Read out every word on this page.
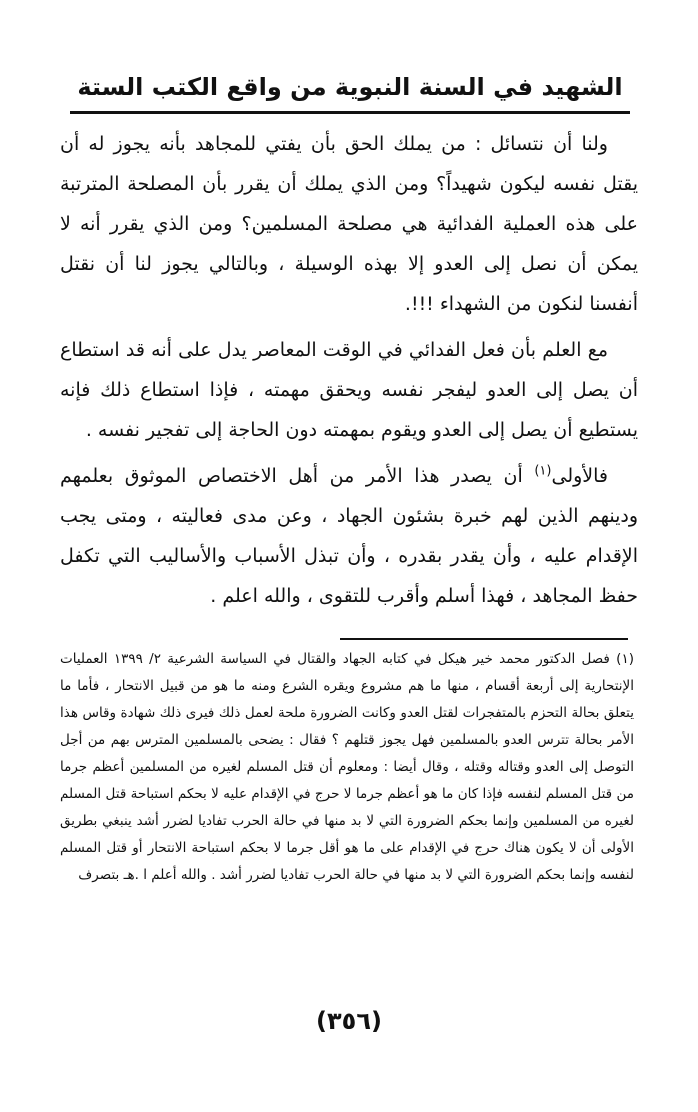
الشهيد في السنة النبوية من واقع الكتب الستة

ولنا أن نتسائل : من يملك الحق بأن يفتي للمجاهد بأنه يجوز له أن يقتل نفسه ليكون شهيداً؟ ومن الذي يملك أن يقرر بأن المصلحة المترتبة على هذه العملية الفدائية هي مصلحة المسلمين؟ ومن الذي يقرر أنه لا يمكن أن نصل إلى العدو إلا بهذه الوسيلة ، وبالتالي يجوز لنا أن نقتل أنفسنا لنكون من الشهداء !!!.

مع العلم بأن فعل الفدائي في الوقت المعاصر يدل على أنه قد استطاع أن يصل إلى العدو ليفجر نفسه ويحقق مهمته ، فإذا استطاع ذلك فإنه يستطيع أن يصل إلى العدو ويقوم بمهمته دون الحاجة إلى تفجير نفسه .

فالأولى$^{(١)}$ أن يصدر هذا الأمر من أهل الاختصاص الموثوق بعلمهم ودينهم الذين لهم خبرة بشئون الجهاد ، وعن مدى فعاليته ، ومتى يجب الإقدام عليه ، وأن يقدر بقدره ، وأن تبذل الأسباب والأساليب التي تكفل حفظ المجاهد ، فهذا أسلم وأقرب للتقوى ، والله اعلم .

(١) فصل الدكتور محمد خير هيكل في كتابه الجهاد والقتال في السياسة الشرعية ٢/ ١٣٩٩ العمليات الإنتحارية إلى أربعة أقسام ، منها ما هم مشروع ويقره الشرع ومنه ما هو من قبيل الانتحار ، فأما ما يتعلق بحالة التحزم بالمتفجرات لقتل العدو وكانت الضرورة ملحة لعمل ذلك فيرى ذلك شهادة وقاس هذا الأمر بحالة تترس العدو بالمسلمين فهل يجوز قتلهم ؟ فقال : يضحى بالمسلمين المترس بهم من أجل التوصل إلى العدو وقتاله وقتله ، وقال أيضا : ومعلوم أن قتل المسلم لغيره من المسلمين أعظم جرما من قتل المسلم لنفسه فإذا كان ما هو أعظم جرما لا حرج في الإقدام عليه لا بحكم استباحة قتل المسلم لغيره من المسلمين وإنما بحكم الضرورة التي لا بد منها في حالة الحرب تفاديا لضرر أشد ينبغي بطريق الأولى أن لا يكون هناك حرج في الإقدام على ما هو أقل جرما لا بحكم استباحة الانتحار أو قتل المسلم لنفسه وإنما بحكم الضرورة التي لا بد منها في حالة الحرب تفاديا لضرر أشد . والله أعلم ا .هـ بتصرف

(٣٥٦)
